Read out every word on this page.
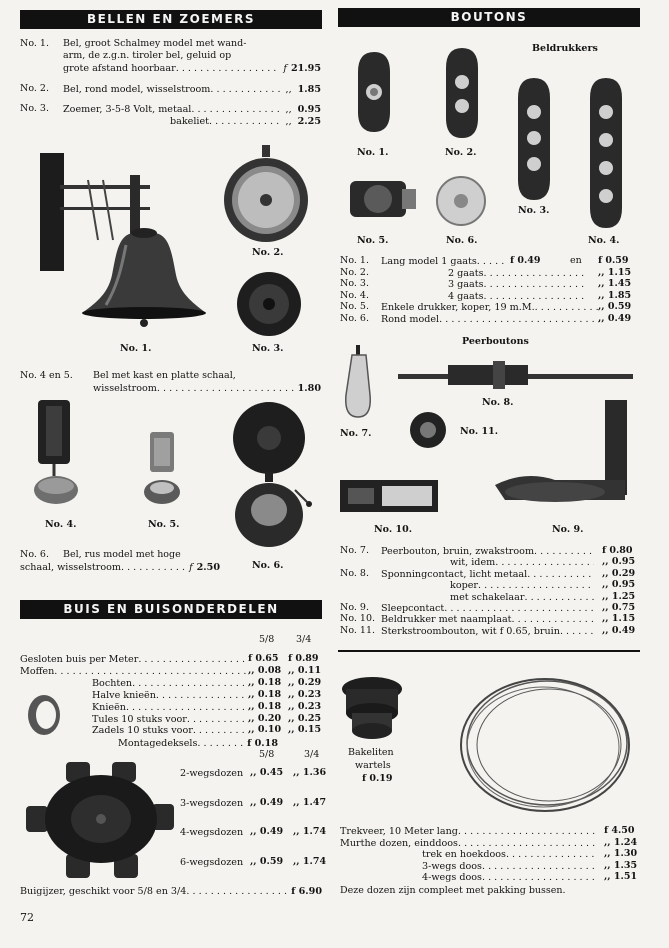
BELLEN EN ZOEMERS
No. 1. Bel, groot Schalmey model met wand-
arm, de z.g.n. tiroler bel, geluid op
grote afstand hoorbaar . . .	f 21.95
No. 2. Bel, rond model, wisselstroom . . .	,, 1.85
No. 3. Zoemer, 3-5-8 Volt, metaal . . .	,, 0.95
bakeliet . . .	,, 2.25
No. 1.
No. 2.
No. 3.
No. 4 en 5. Bel met kast en platte schaal,
wisselstroom . . .	1.80
No. 4.	No. 5.
No. 6.
No. 6. Bel, rus model met hoge
schaal, wisselstroom . . .	f 2.50
BUIS EN BUISONDERDELEN
5/8 3/4
Gesloten buis per Meter . . .	f 0.65 f 0.89
Moffen . . .	,, 0.08 ,, 0.11
Bochten . . .	,, 0.18 ,, 0.29
Halve knieën . . .	,, 0.18 ,, 0.23
Knieën . . .	,, 0.18 ,, 0.23
Tules 10 stuks voor . . .	,, 0.20 ,, 0.25
Zadels 10 stuks voor . . .	,, 0.10 ,, 0.15
Montagedeksels . . .	f 0.18
5/8	3/4
2-wegsdozen ,, 0.45 ,, 1.36
3-wegsdozen ,, 0.49 ,, 1.47
4-wegsdozen ,, 0.49 ,, 1.74
6-wegsdozen ,, 0.59 ,, 1.74
Buigijzer, geschikt voor 5/8 en 3/4 . . .	f 6.90
72
BOUTONS
Beldrukkers
No. 1.	No. 2.
No. 3.
No. 4.
No. 5.	No. 6.
No. 1. Lang model 1 gaats . . .	f 0.49	en f 0.59
No. 2.	2 gaats . . .	,, 1.15
No. 3.	3 gaats . . .	,, 1.45
No. 4.	4 gaats . . .	,, 1.85
No. 5. Enkele drukker, koper, 19 m.M. . . .	,, 0.59
No. 6. Rond model . . .	,, 0.49
Peerboutons
No. 7.
No. 8.
No. 11.
No. 10.	No. 9.
No. 7. Peerbouton, bruin, zwakstroom . . .	f 0.80
wit, idem . . .	,, 0.95
No. 8. Sponningcontact, licht metaal . . .	,, 0.29
koper . . .	,, 0.95
met schakelaar . . .	,, 1.25
No. 9. Sleepcontact . . .	,, 0.75
No. 10. Beldrukker met naamplaat . . .	,, 1.15
No. 11. Sterkstroombouton, wit f 0.65, bruin . . .	,, 0.49
Bakeliten
wartels
f 0.19
Trekveer, 10 Meter lang . . .	f 4.50
Murthe dozen, einddoos . . .	,, 1.24
trek en hoekdoos . . .	,, 1.30
3-wegs doos . . .	,, 1.35
4-wegs doos . . .	,, 1.51
Deze dozen zijn compleet met pakking bussen.
